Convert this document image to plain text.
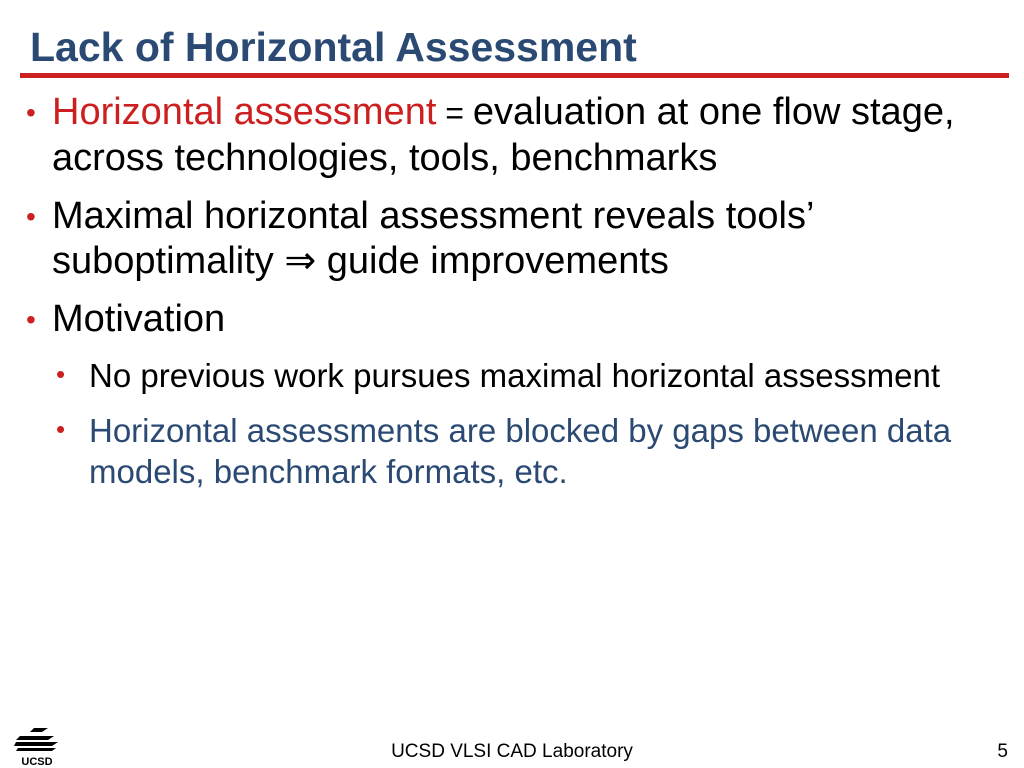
Lack of Horizontal Assessment
• Horizontal assessment = evaluation at one flow stage, across technologies, tools, benchmarks
• Maximal horizontal assessment reveals tools’ suboptimality ⇒ guide improvements
• Motivation
• No previous work pursues maximal horizontal assessment
• Horizontal assessments are blocked by gaps between data models, benchmark formats, etc.
UCSD	UCSD VLSI CAD Laboratory	5
